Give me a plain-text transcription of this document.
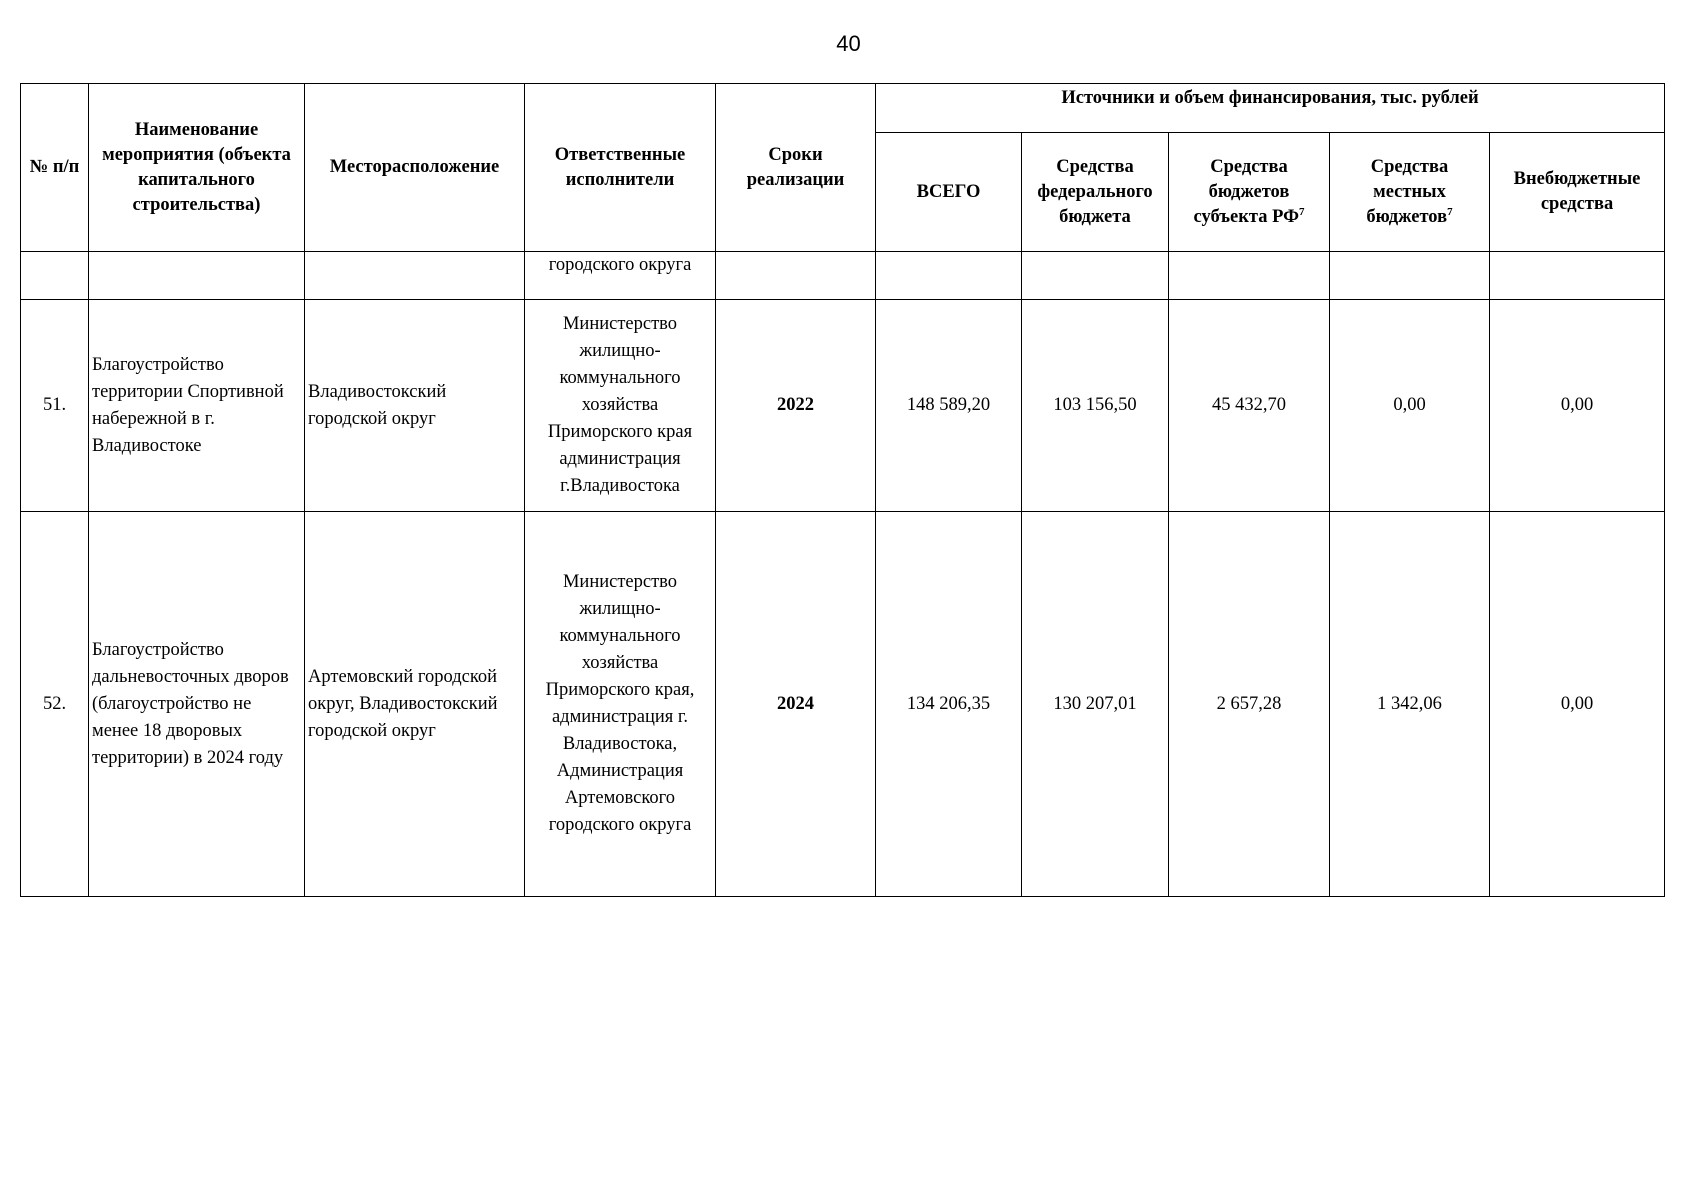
40
№ п/п	Наименование мероприятия (объекта капитального строительства)	Месторасположение	Ответственные исполнители	Сроки реализации	Источники и объем финансирования, тыс. рублей				
					ВСЕГО	Средства федерального бюджета	Средства бюджетов субъекта $РФ^7$	Средства местных бюджетов$^7$	Внебюджетные средства
			городского округа						
51.	Благоустройство территории Спортивной набережной в г. Владивостоке	Владивостокский городской округ	Министерство жилищно-коммунального хозяйства Приморского края администрация г.Владивостока	2022	148 589,20	103 156,50	45 432,70	0,00	0,00
52.	Благоустройство дальневосточных дворов (благоустройство не менее 18 дворовых территории) в 2024 году	Артемовский городской округ, Владивостокский городской округ	Министерство жилищно-коммунального хозяйства Приморского края, администрация г. Владивостока, Администрация Артемовского городского округа	2024	134 206,35	130 207,01	2 657,28	1 342,06	0,00
